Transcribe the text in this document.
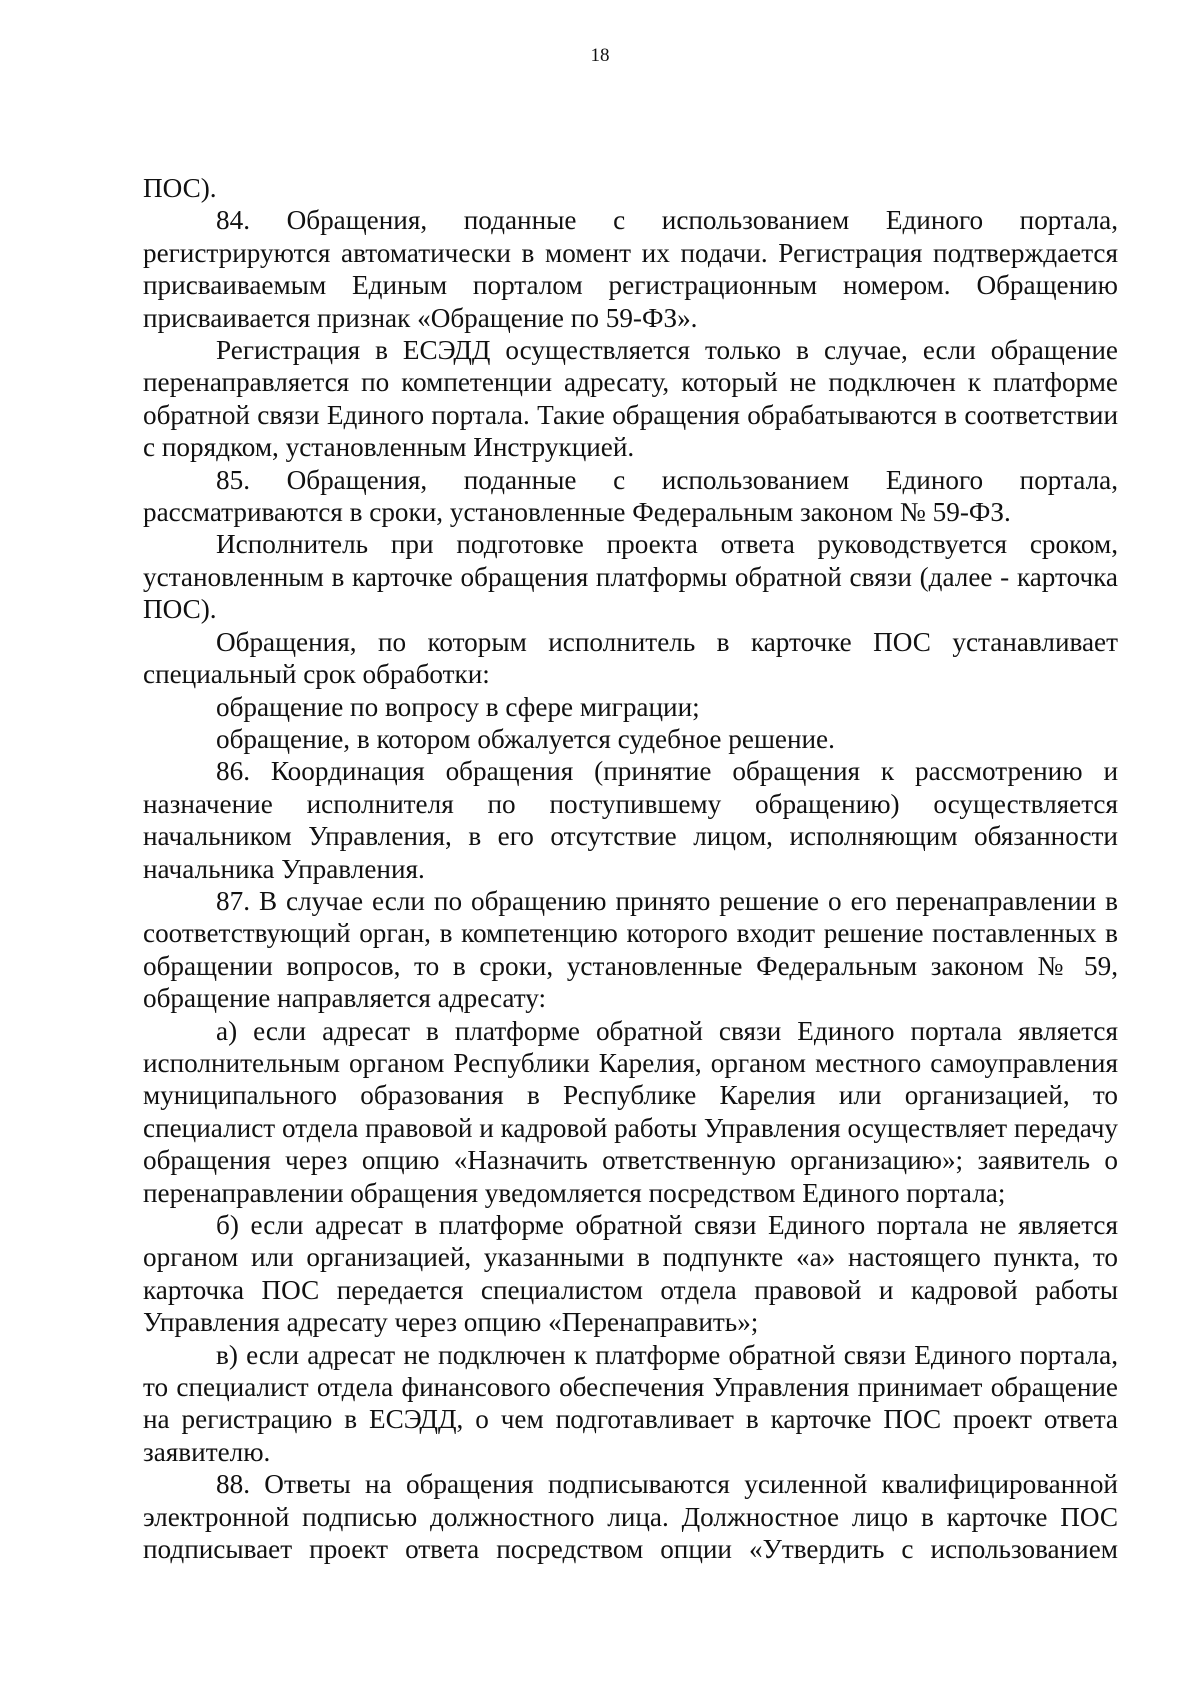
18

ПОС).

84. Обращения, поданные с использованием Единого портала, регистрируются автоматически в момент их подачи. Регистрация подтверждается присваиваемым Единым порталом регистрационным номером. Обращению присваивается признак «Обращение по 59-ФЗ».

Регистрация в ЕСЭДД осуществляется только в случае, если обращение перенаправляется по компетенции адресату, который не подключен к платформе обратной связи Единого портала. Такие обращения обрабатываются в соответствии с порядком, установленным Инструкцией.

85. Обращения, поданные с использованием Единого портала, рассматриваются в сроки, установленные Федеральным законом № 59-ФЗ.

Исполнитель при подготовке проекта ответа руководствуется сроком, установленным в карточке обращения платформы обратной связи (далее - карточка ПОС).

Обращения, по которым исполнитель в карточке ПОС устанавливает специальный срок обработки:

обращение по вопросу в сфере миграции;

обращение, в котором обжалуется судебное решение.

86. Координация обращения (принятие обращения к рассмотрению и назначение исполнителя по поступившему обращению) осуществляется начальником Управления, в его отсутствие лицом, исполняющим обязанности начальника Управления.

87. В случае если по обращению принято решение о его перенаправлении в соответствующий орган, в компетенцию которого входит решение поставленных в обращении вопросов, то в сроки, установленные Федеральным законом № 59, обращение направляется адресату:

а) если адресат в платформе обратной связи Единого портала является исполнительным органом Республики Карелия, органом местного самоуправления муниципального образования в Республике Карелия или организацией, то специалист отдела правовой и кадровой работы Управления осуществляет передачу обращения через опцию «Назначить ответственную организацию»; заявитель о перенаправлении обращения уведомляется посредством Единого портала;

б) если адресат в платформе обратной связи Единого портала не является органом или организацией, указанными в подпункте «а» настоящего пункта, то карточка ПОС передается специалистом отдела правовой и кадровой работы Управления адресату через опцию «Перенаправить»;

в) если адресат не подключен к платформе обратной связи Единого портала, то специалист отдела финансового обеспечения Управления принимает обращение на регистрацию в ЕСЭДД, о чем подготавливает в карточке ПОС проект ответа заявителю.

88. Ответы на обращения подписываются усиленной квалифицированной электронной подписью должностного лица. Должностное лицо в карточке ПОС подписывает проект ответа посредством опции «Утвердить с использованием
